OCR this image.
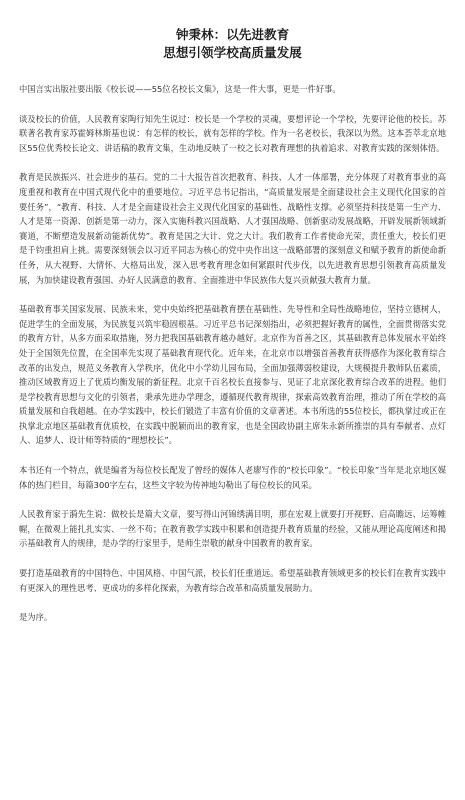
钟秉林：以先进教育
思想引领学校高质量发展

中国言实出版社要出版《校长说——55位名校长文集》，这是一件大事，更是一件好事。

谈及校长的价值，人民教育家陶行知先生说过：校长是一个学校的灵魂，要想评论一个学校，先要评论他的校长。苏联著名教育家苏霍姆林斯基也说：有怎样的校长，就有怎样的学校。作为一名老校长，我深以为然。这本荟萃北京地区55位优秀校长论文、讲话稿的教育文集，生动地反映了一校之长对教育理想的执着追求、对教育实践的深刻体悟。

教育是民族振兴、社会进步的基石。党的二十大报告首次把教育、科技、人才一体部署，充分体现了对教育事业的高度重视和教育在中国式现代化中的重要地位。习近平总书记指出，“高质量发展是全面建设社会主义现代化国家的首要任务”，“教育、科技、人才是全面建设社会主义现代化国家的基础性、战略性支撑。必须坚持科技是第一生产力、人才是第一资源、创新是第一动力，深入实施科教兴国战略、人才强国战略、创新驱动发展战略，开辟发展新领域新赛道，不断塑造发展新动能新优势”。教育是国之大计、党之大计。我们教育工作者使命光荣，责任重大，校长们更是千钧重担肩上挑。需要深刻领会以习近平同志为核心的党中央作出这一战略部署的深刻意义和赋予教育的新使命新任务，从大视野、大情怀、大格局出发，深入思考教育理念如何紧跟时代步伐，以先进教育思想引领教育高质量发展，为加快建设教育强国、办好人民满意的教育、全面推进中华民族伟大复兴贡献强大教育力量。

基础教育事关国家发展、民族未来，党中央始终把基础教育摆在基础性、先导性和全局性战略地位，坚持立德树人，促进学生的全面发展，为民族复兴筑牢稳固根基。习近平总书记深刻指出，必须把握好教育的属性，全面贯彻落实党的教育方针，从多方面采取措施，努力把我国基础教育越办越好。北京作为首善之区，其基础教育总体发展水平始终处于全国领先位置，在全国率先实现了基础教育现代化。近年来，在北京市以增强首善教育获得感作为深化教育综合改革的出发点，规范义务教育入学秩序，优化中小学幼儿园布局，全面加强薄弱校建设，大规模提升教师队伍素质，推动区域教育迈上了优质均衡发展的新征程。北京千百名校长直接参与、见证了北京深化教育综合改革的进程。他们是学校教育思想与文化的引领者，秉承先进办学理念，遵循现代教育规律，探索高效教育治理，推动了所在学校的高质量发展和自我超越。在办学实践中，校长们锻造了丰富有价值的文章著述。本书所选的55位校长，都执掌过或正在执掌北京地区基础教育优质校，在实践中脱颖而出的教育家，也是全国政协副主席朱永新所推崇的具有奉献者、点灯人、追梦人、设计师等特质的“理想校长”。

本书还有一个特点，就是编者为每位校长配发了曾经的媒体人老廖写作的“校长印象”。“校长印象”当年是北京地区媒体的热门栏目，每篇300字左右，这些文字较为传神地勾勒出了每位校长的风采。

人民教育家于漪先生说：做校长是篇大文章，要写得山河锦绣满目明，那在宏观上就要打开视野、启高瞻远、运筹帷幄，在微观上能扎扎实实、一丝不苟；在教育教学实践中积累和创造提升教育质量的经验，又能从理论高度阐述和揭示基础教育人的规律，是办学的行家里手，是师生崇敬的献身中国教育的教育家。

要打造基础教育的中国特色、中国风格、中国气派，校长们任重道远。希望基础教育领域更多的校长们在教育实践中有更深入的理性思考、更成功的多样化探索，为教育综合改革和高质量发展助力。

是为序。
